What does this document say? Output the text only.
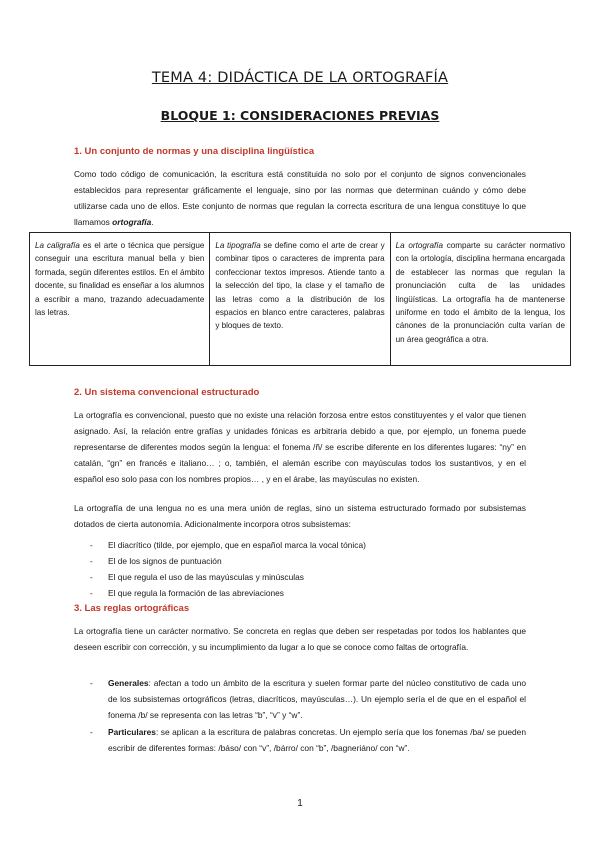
TEMA 4: DIDÁCTICA DE LA ORTOGRAFÍA
BLOQUE 1: CONSIDERACIONES PREVIAS
1. Un conjunto de normas y una disciplina lingüística

Como todo código de comunicación, la escritura está constituida no solo por el conjunto de signos convencionales establecidos para representar gráficamente el lenguaje, sino por las normas que determinan cuándo y cómo debe utilizarse cada uno de ellos. Este conjunto de normas que regulan la correcta escritura de una lengua constituye lo que llamamos ortografía.

La caligrafía es el arte o técnica que persigue conseguir una escritura manual bella y bien formada, según diferentes estilos. En el ámbito docente, su finalidad es enseñar a los alumnos a escribir a mano, trazando adecuadamente las letras.	La tipografía se define como el arte de crear y combinar tipos o caracteres de imprenta para confeccionar textos impresos. Atiende tanto a la selección del tipo, la clase y el tamaño de las letras como a la distribución de los espacios en blanco entre caracteres, palabras y bloques de texto.	La ortografía comparte su carácter normativo con la ortología, disciplina hermana encargada de establecer las normas que regulan la pronunciación culta de las unidades lingüísticas. La ortografía ha de mantenerse uniforme en todo el ámbito de la lengua, los cánones de la pronunciación culta varían de un área geográfica a otra.
2. Un sistema convencional estructurado

La ortografía es convencional, puesto que no existe una relación forzosa entre estos constituyentes y el valor que tienen asignado. Así, la relación entre grafías y unidades fónicas es arbitraria debido a que, por ejemplo, un fonema puede representarse de diferentes modos según la lengua: el fonema /ñ/ se escribe diferente en los diferentes lugares: “ny” en catalán, “gn” en francés e italiano… ; o, también, el alemán escribe con mayúsculas todos los sustantivos, y en el español eso solo pasa con los nombres propios… , y en el árabe, las mayúsculas no existen.

La ortografía de una lengua no es una mera unión de reglas, sino un sistema estructurado formado por subsistemas dotados de cierta autonomía. Adicionalmente incorpora otros subsistemas:

- El diacrítico (tilde, por ejemplo, que en español marca la vocal tónica)
- El de los signos de puntuación
- El que regula el uso de las mayúsculas y minúsculas
- El que regula la formación de las abreviaciones
3. Las reglas ortográficas

La ortografía tiene un carácter normativo. Se concreta en reglas que deben ser respetadas por todos los hablantes que deseen escribir con corrección, y su incumplimiento da lugar a lo que se conoce como faltas de ortografía.

- Generales: afectan a todo un ámbito de la escritura y suelen formar parte del núcleo constitutivo de cada uno de los subsistemas ortográficos (letras, diacríticos, mayúsculas…). Un ejemplo sería el de que en el español el fonema /b/ se representa con las letras “b”, “v” y “w”.
- Particulares: se aplican a la escritura de palabras concretas. Un ejemplo sería que los fonemas /ba/ se pueden escribir de diferentes formas: /báso/ con “v”, /bárro/ con “b”, /bagneriáno/ con “w”.
1
